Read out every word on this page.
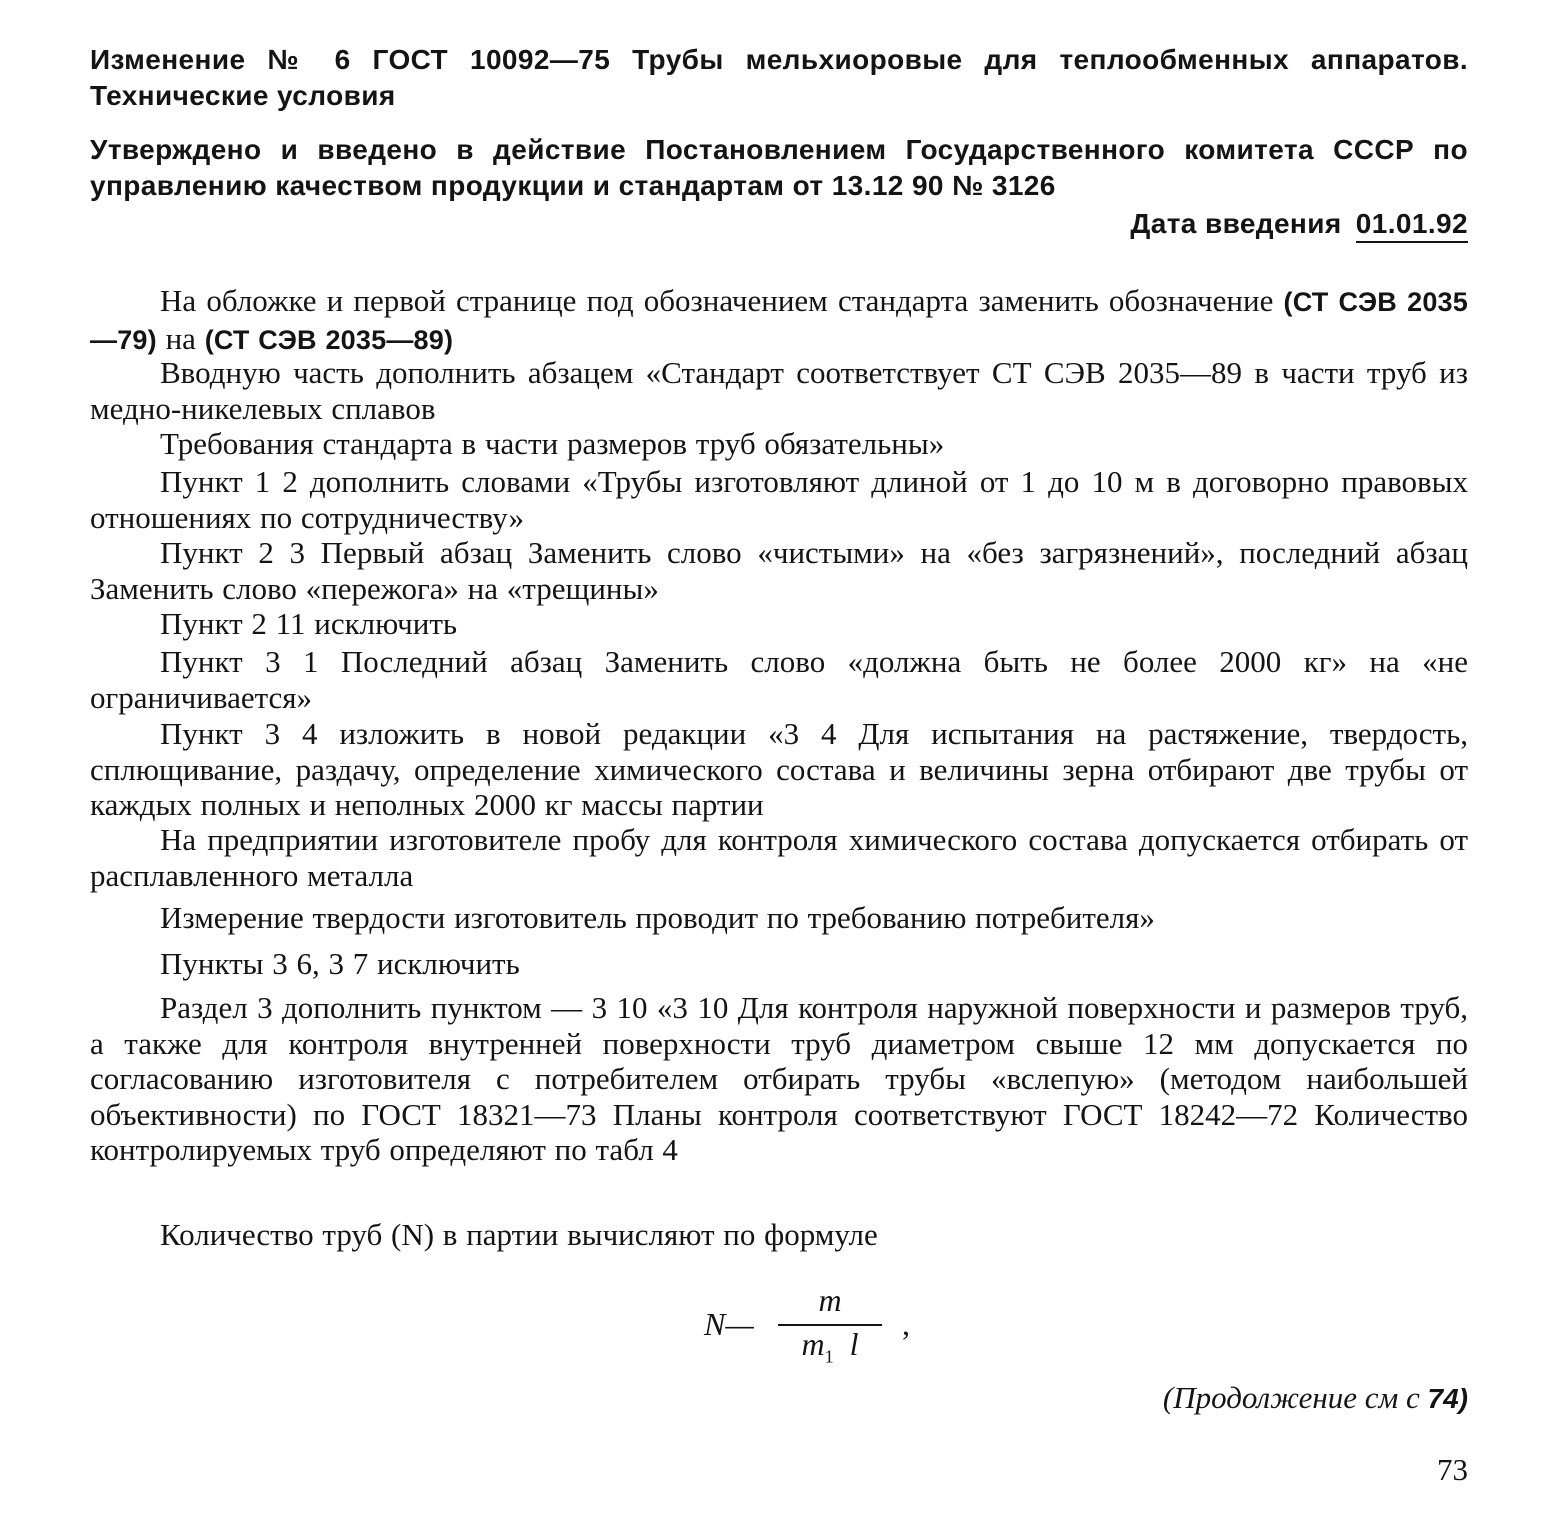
Изменение № 6 ГОСТ 10092—75 Трубы мельхиоровые для теплообменных аппаратов. Технические условия

Утверждено и введено в действие Постановлением Государственного комитета СССР по управлению качеством продукции и стандартам от 13.12 90 № 3126

Дата введения 01.01.92

На обложке и первой странице под обозначением стандарта заменить обозначение (СТ СЭВ 2035—79) на (СТ СЭВ 2035—89)

Вводную часть дополнить абзацем «Стандарт соответствует СТ СЭВ 2035—89 в части труб из медно-никелевых сплавов

Требования стандарта в части размеров труб обязательны»

Пункт 1 2 дополнить словами «Трубы изготовляют длиной от 1 до 10 м в договорно правовых отношениях по сотрудничеству»

Пункт 2 3 Первый абзац Заменить слово «чистыми» на «без загрязнений», последний абзац Заменить слово «пережога» на «трещины»

Пункт 2 11 исключить

Пункт 3 1 Последний абзац Заменить слово «должна быть не более 2000 кг» на «не ограничивается»

Пункт 3 4 изложить в новой редакции «3 4 Для испытания на растяжение, твердость, сплющивание, раздачу, определение химического состава и величины зерна отбирают две трубы от каждых полных и неполных 2000 кг массы партии

На предприятии изготовителе пробу для контроля химического состава допускается отбирать от расплавленного металла

Измерение твердости изготовитель проводит по требованию потребителя»

Пункты 3 6, 3 7 исключить

Раздел 3 дополнить пунктом — 3 10 «3 10 Для контроля наружной поверхности и размеров труб, а также для контроля внутренней поверхности труб диаметром свыше 12 мм допускается по согласованию изготовителя с потребителем отбирать трубы «вслепую» (методом наибольшей объективности) по ГОСТ 18321—73 Планы контроля соответствуют ГОСТ 18242—72 Количество контролируемых труб определяют по табл 4

Количество труб (N) в партии вычисляют по формуле

N—
m
$m_1$ l
,
(Продолжение см с 74)
73
